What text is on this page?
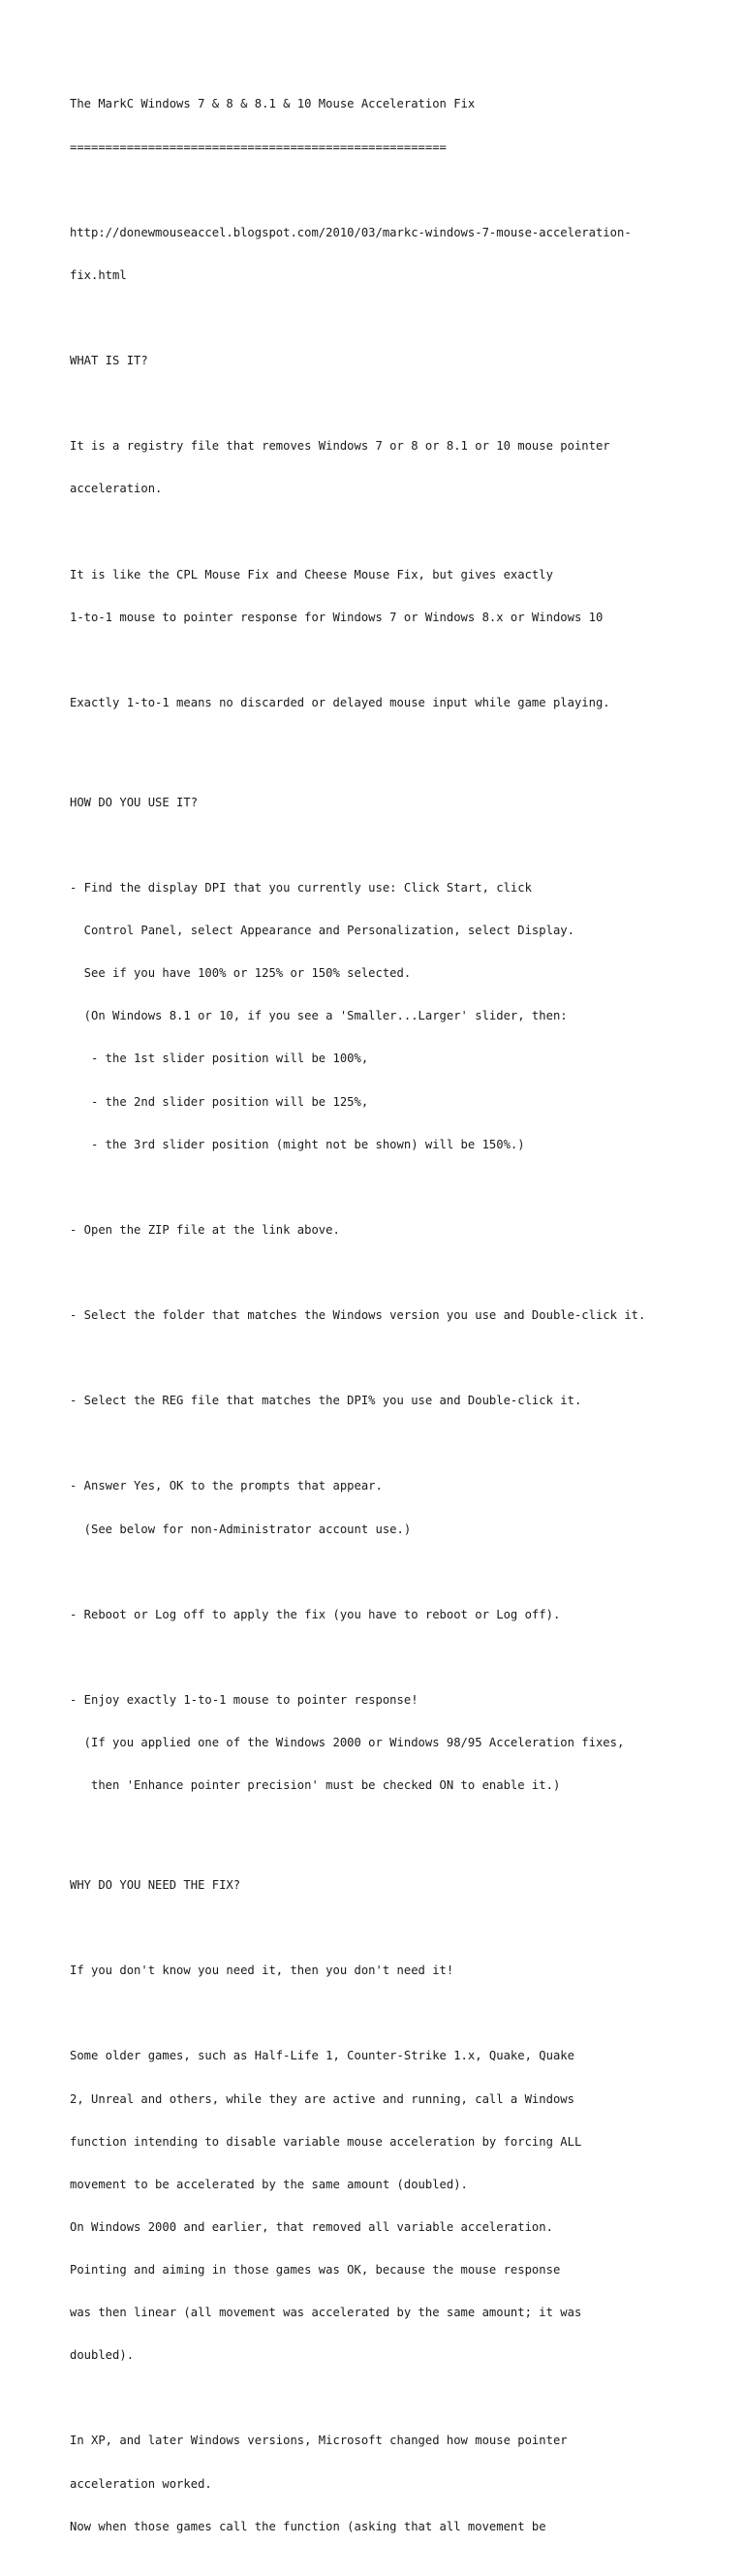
The MarkC Windows 7 & 8 & 8.1 & 10 Mouse Acceleration Fix

=====================================================

http://donewmouseaccel.blogspot.com/2010/03/markc-windows-7-mouse-acceleration-

fix.html

WHAT IS IT?

It is a registry file that removes Windows 7 or 8 or 8.1 or 10 mouse pointer

acceleration.

It is like the CPL Mouse Fix and Cheese Mouse Fix, but gives exactly

1-to-1 mouse to pointer response for Windows 7 or Windows 8.x or Windows 10

Exactly 1-to-1 means no discarded or delayed mouse input while game playing.

HOW DO YOU USE IT?

- Find the display DPI that you currently use: Click Start, click

Control Panel, select Appearance and Personalization, select Display.

See if you have 100% or 125% or 150% selected.

(On Windows 8.1 or 10, if you see a 'Smaller...Larger' slider, then:

- the 1st slider position will be 100%,

- the 2nd slider position will be 125%,

- the 3rd slider position (might not be shown) will be 150%.)

- Open the ZIP file at the link above.

- Select the folder that matches the Windows version you use and Double-click it.

- Select the REG file that matches the DPI% you use and Double-click it.

- Answer Yes, OK to the prompts that appear.

(See below for non-Administrator account use.)

- Reboot or Log off to apply the fix (you have to reboot or Log off).

- Enjoy exactly 1-to-1 mouse to pointer response!

(If you applied one of the Windows 2000 or Windows 98/95 Acceleration fixes,

then 'Enhance pointer precision' must be checked ON to enable it.)

WHY DO YOU NEED THE FIX?

If you don't know you need it, then you don't need it!

Some older games, such as Half-Life 1, Counter-Strike 1.x, Quake, Quake

2, Unreal and others, while they are active and running, call a Windows

function intending to disable variable mouse acceleration by forcing ALL

movement to be accelerated by the same amount (doubled).

On Windows 2000 and earlier, that removed all variable acceleration.

Pointing and aiming in those games was OK, because the mouse response

was then linear (all movement was accelerated by the same amount; it was

doubled).

In XP, and later Windows versions, Microsoft changed how mouse pointer

acceleration worked.

Now when those games call the function (asking that all movement be
